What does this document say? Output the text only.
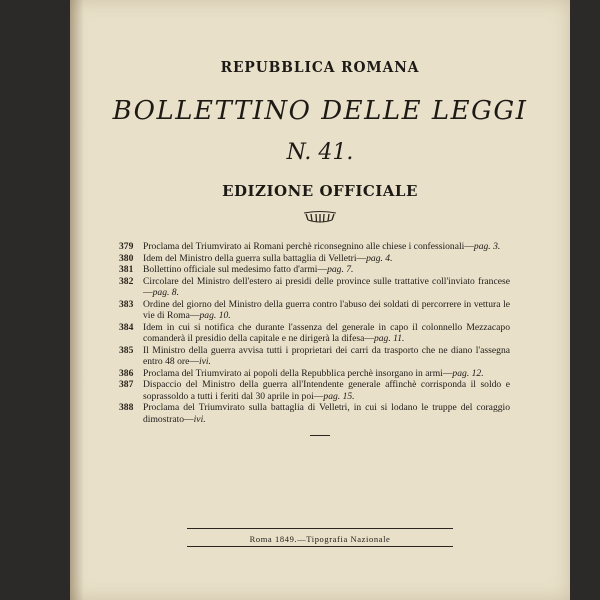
REPUBBLICA ROMANA
BOLLETTINO DELLE LEGGI
N. 41.
EDIZIONE OFFICIALE
379	Proclama del Triumvirato ai Romani perchè riconsegnino alle chiese i confessionali—pag. 3.
380	Idem del Ministro della guerra sulla battaglia di Velletri—pag. 4.
381	Bollettino officiale sul medesimo fatto d'armi—pag. 7.
382	Circolare del Ministro dell'estero ai presidi delle province sulle trattative coll'inviato francese—pag. 8.
383	Ordine del giorno del Ministro della guerra contro l'abuso dei soldati di percorrere in vettura le vie di Roma—pag. 10.
384	Idem in cui si notifica che durante l'assenza del generale in capo il colonnello Mezzacapo comanderà il presidio della capitale e ne dirigerà la difesa—pag. 11.
385	Il Ministro della guerra avvisa tutti i proprietari dei carri da trasporto che ne diano l'assegna entro 48 ore—ivi.
386	Proclama del Triumvirato ai popoli della Repubblica perchè insorgano in armi—pag. 12.
387	Dispaccio del Ministro della guerra all'Intendente generale affinchè corrisponda il soldo e soprassoldo a tutti i feriti dal 30 aprile in poi—pag. 15.
388	Proclama del Triumvirato sulla battaglia di Velletri, in cui si lodano le truppe del coraggio dimostrato—ivi.
Roma 1849.—Tipografia Nazionale
